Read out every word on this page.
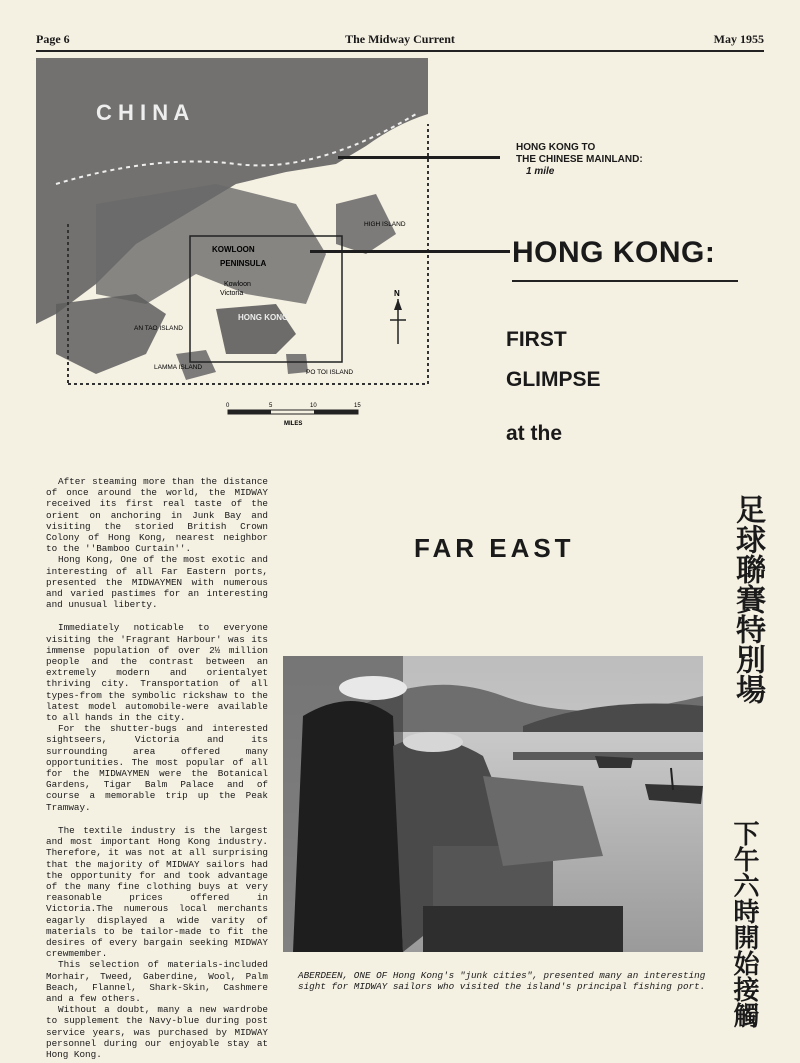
Page 6	The Midway Current	May 1955
C H I N A
HIGH ISLAND
KOWLOON
PENINSULA
Kowloon
Victoria
HONG KONG
AN TAO ISLAND
LAMMA ISLAND
PO TOI ISLAND
N
0	5	10	15
MILES
HONG KONG TO
THE CHINESE MAINLAND:
1 mile
HONG KONG:
FIRST
GLIMPSE
at the
FAR EAST

After steaming more than the distance of once around the world, the MIDWAY received its first real taste of the orient on anchoring in Junk Bay and visiting the storied British Crown Colony of Hong Kong, nearest neighbor to the ''Bamboo Curtain''.

Hong Kong, One of the most exotic and interesting of all Far Eastern ports, presented the MIDWAYMEN with numerous and varied pastimes for an interesting and unusual liberty.

Immediately noticable to everyone visiting the 'Fragrant Harbour' was its immense population of over 2½ million people and the contrast between an extremely modern and orientalyet thriving city. Transportation of all types-from the symbolic rickshaw to the latest model automobile-were available to all hands in the city.

For the shutter-bugs and interested sightseers, Victoria and its surrounding area offered many opportunities. The most popular of all for the MIDWAYMEN were the Botanical Gardens, Tigar Balm Palace and of course a memorable trip up the Peak Tramway.

The textile industry is the largest and most important Hong Kong industry. Therefore, it was not at all surprising that the majority of MIDWAY sailors had the opportunity for and took advantage of the many fine clothing buys at very reasonable prices offered in Victoria.The numerous local merchants eagarly displayed a wide varity of materials to be tailor-made to fit the desires of every bargain seeking MIDWAY crewmember.

This selection of materials-included Morhair, Tweed, Gaberdine, Wool, Palm Beach, Flannel, Shark-Skin, Cashmere and a few others.

Without a doubt, many a new wardrobe to supplement the Navy-blue during post service years, was purchased by MIDWAY personnel during our enjoyable stay at Hong Kong.

足球聯賽特別場
下午六時開始接觸
ABERDEEN, ONE OF Hong Kong's "junk cities", presented many an interesting sight for MIDWAY sailors who visited the island's principal fishing port.
